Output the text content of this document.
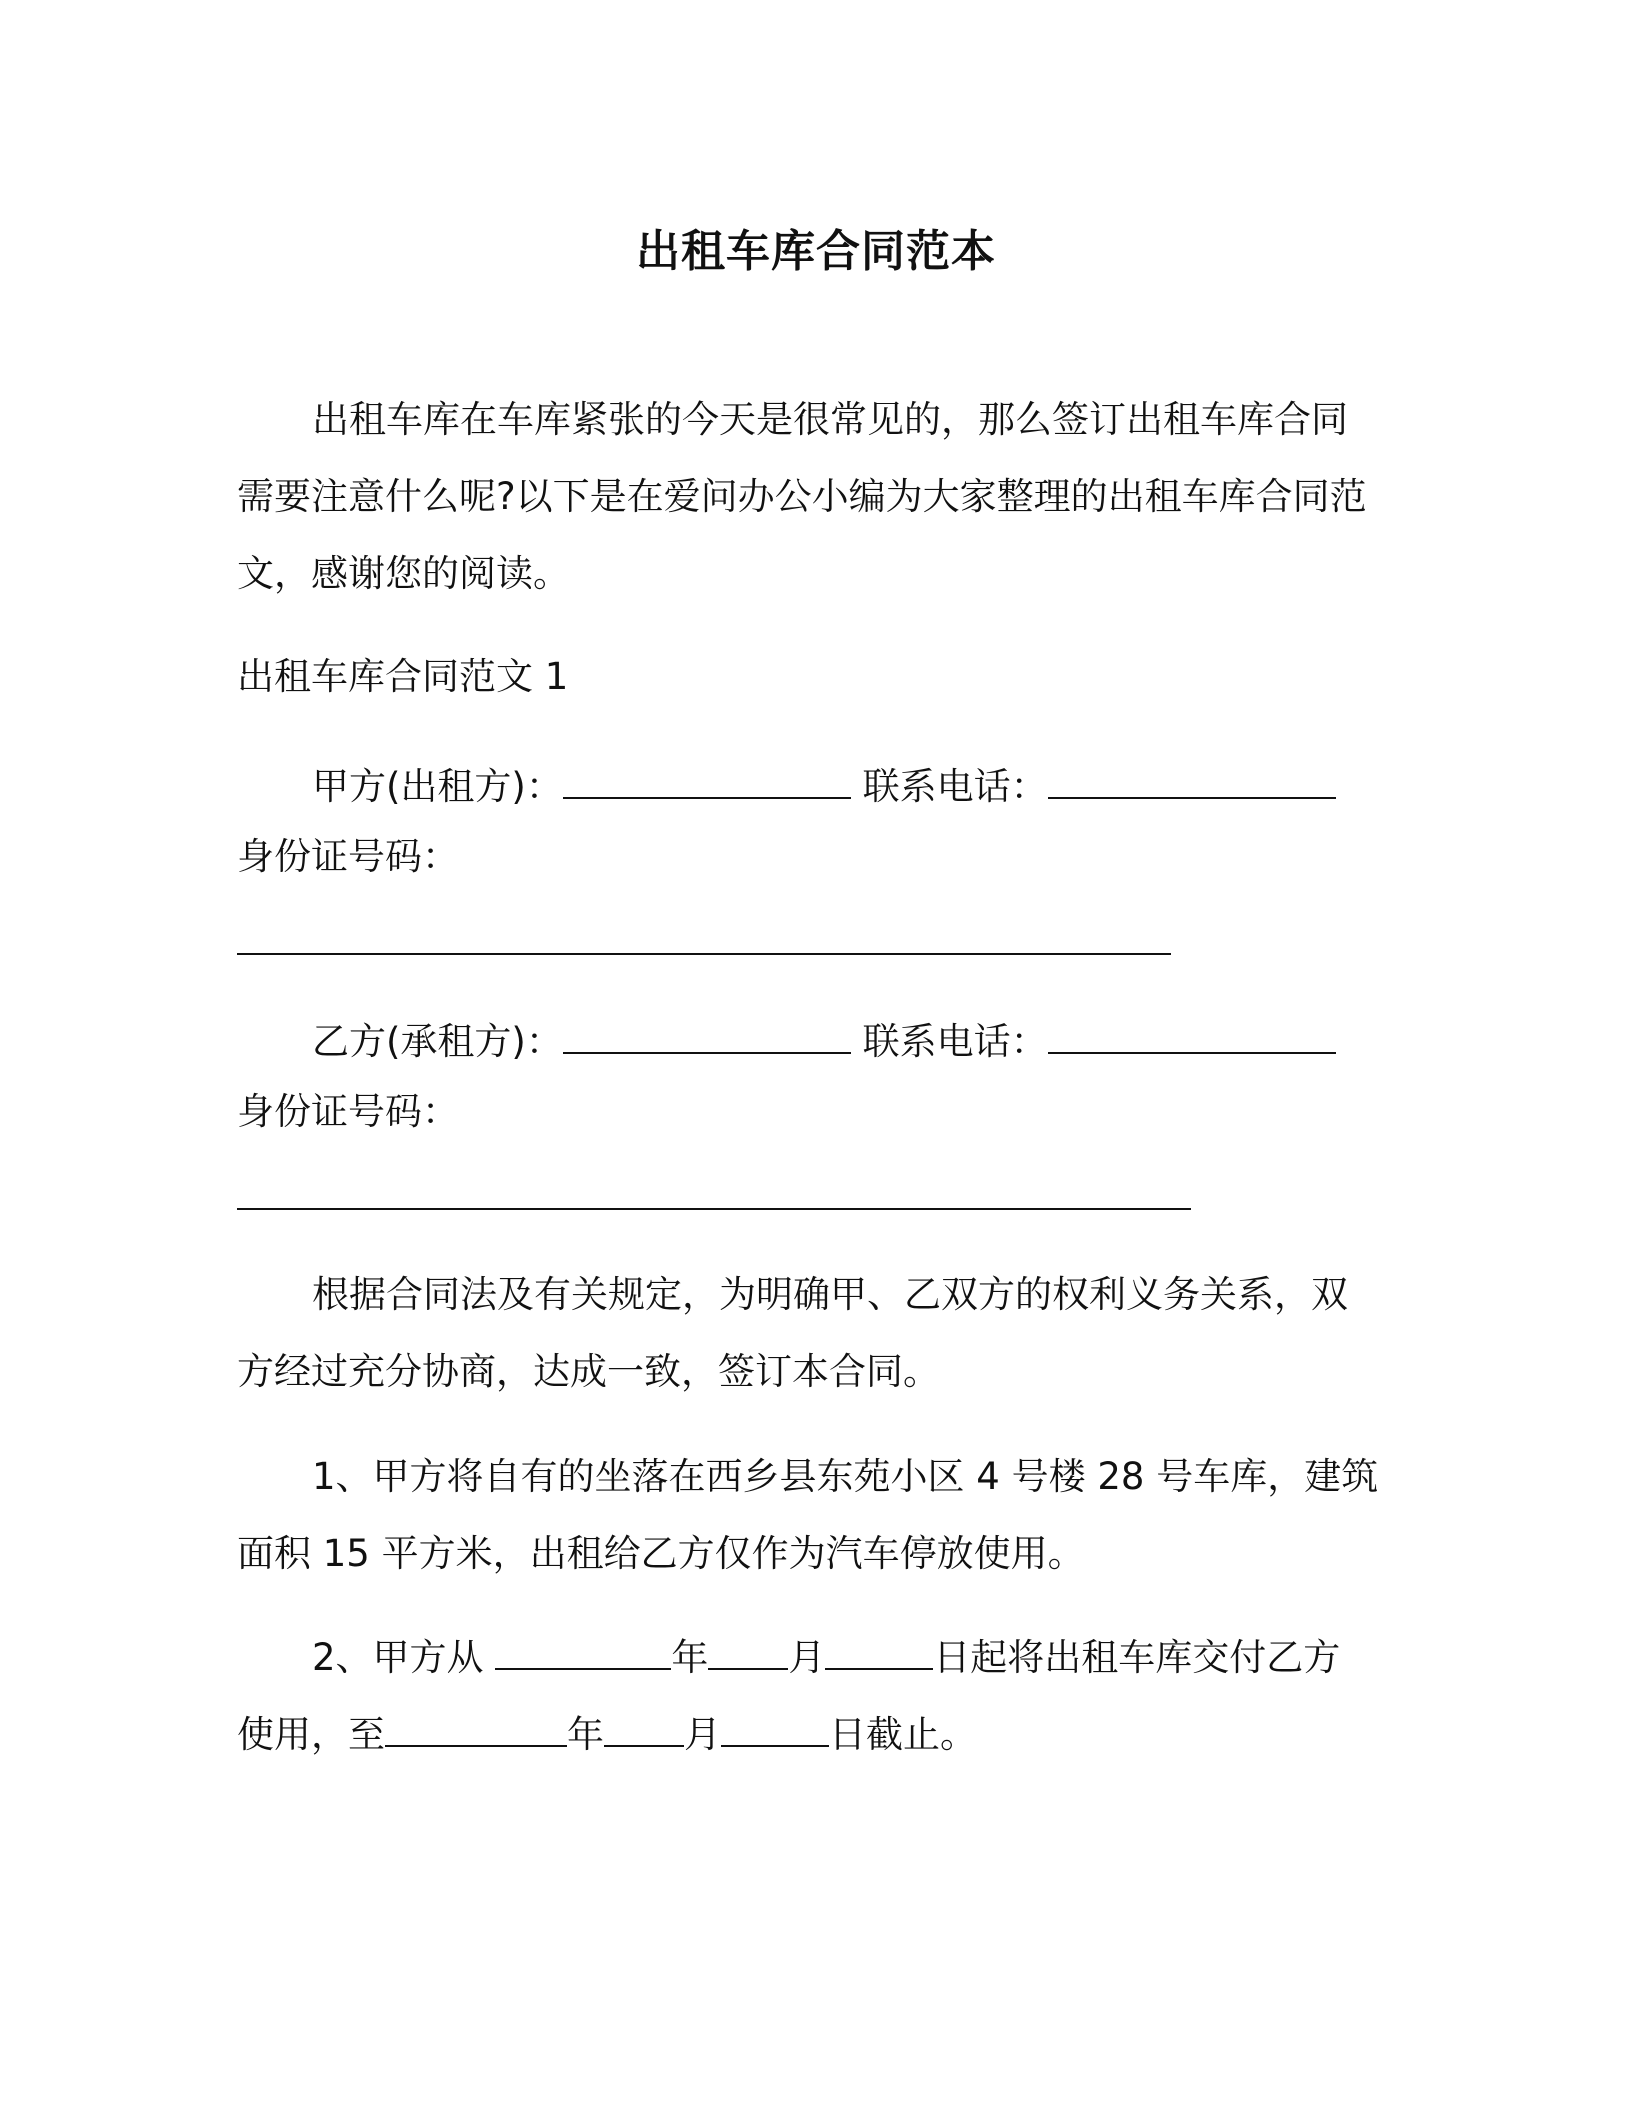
出租车库合同范本
出租车库在车库紧张的今天是很常见的，那么签订出租车库合同
需要注意什么呢?以下是在爱问办公小编为大家整理的出租车库合同范
文，感谢您的阅读。
出租车库合同范文 1
甲方(出租方)：	联系电话：
身份证号码：
乙方(承租方)：	联系电话：
身份证号码：
根据合同法及有关规定，为明确甲、乙双方的权利义务关系，双
方经过充分协商，达成一致，签订本合同。
1、甲方将自有的坐落在西乡县东苑小区 4 号楼 28 号车库，建筑
面积 15 平方米，出租给乙方仅作为汽车停放使用。
2、甲方从	年 月	日起将出租车库交付乙方
使用，至	年 月	日截止。
